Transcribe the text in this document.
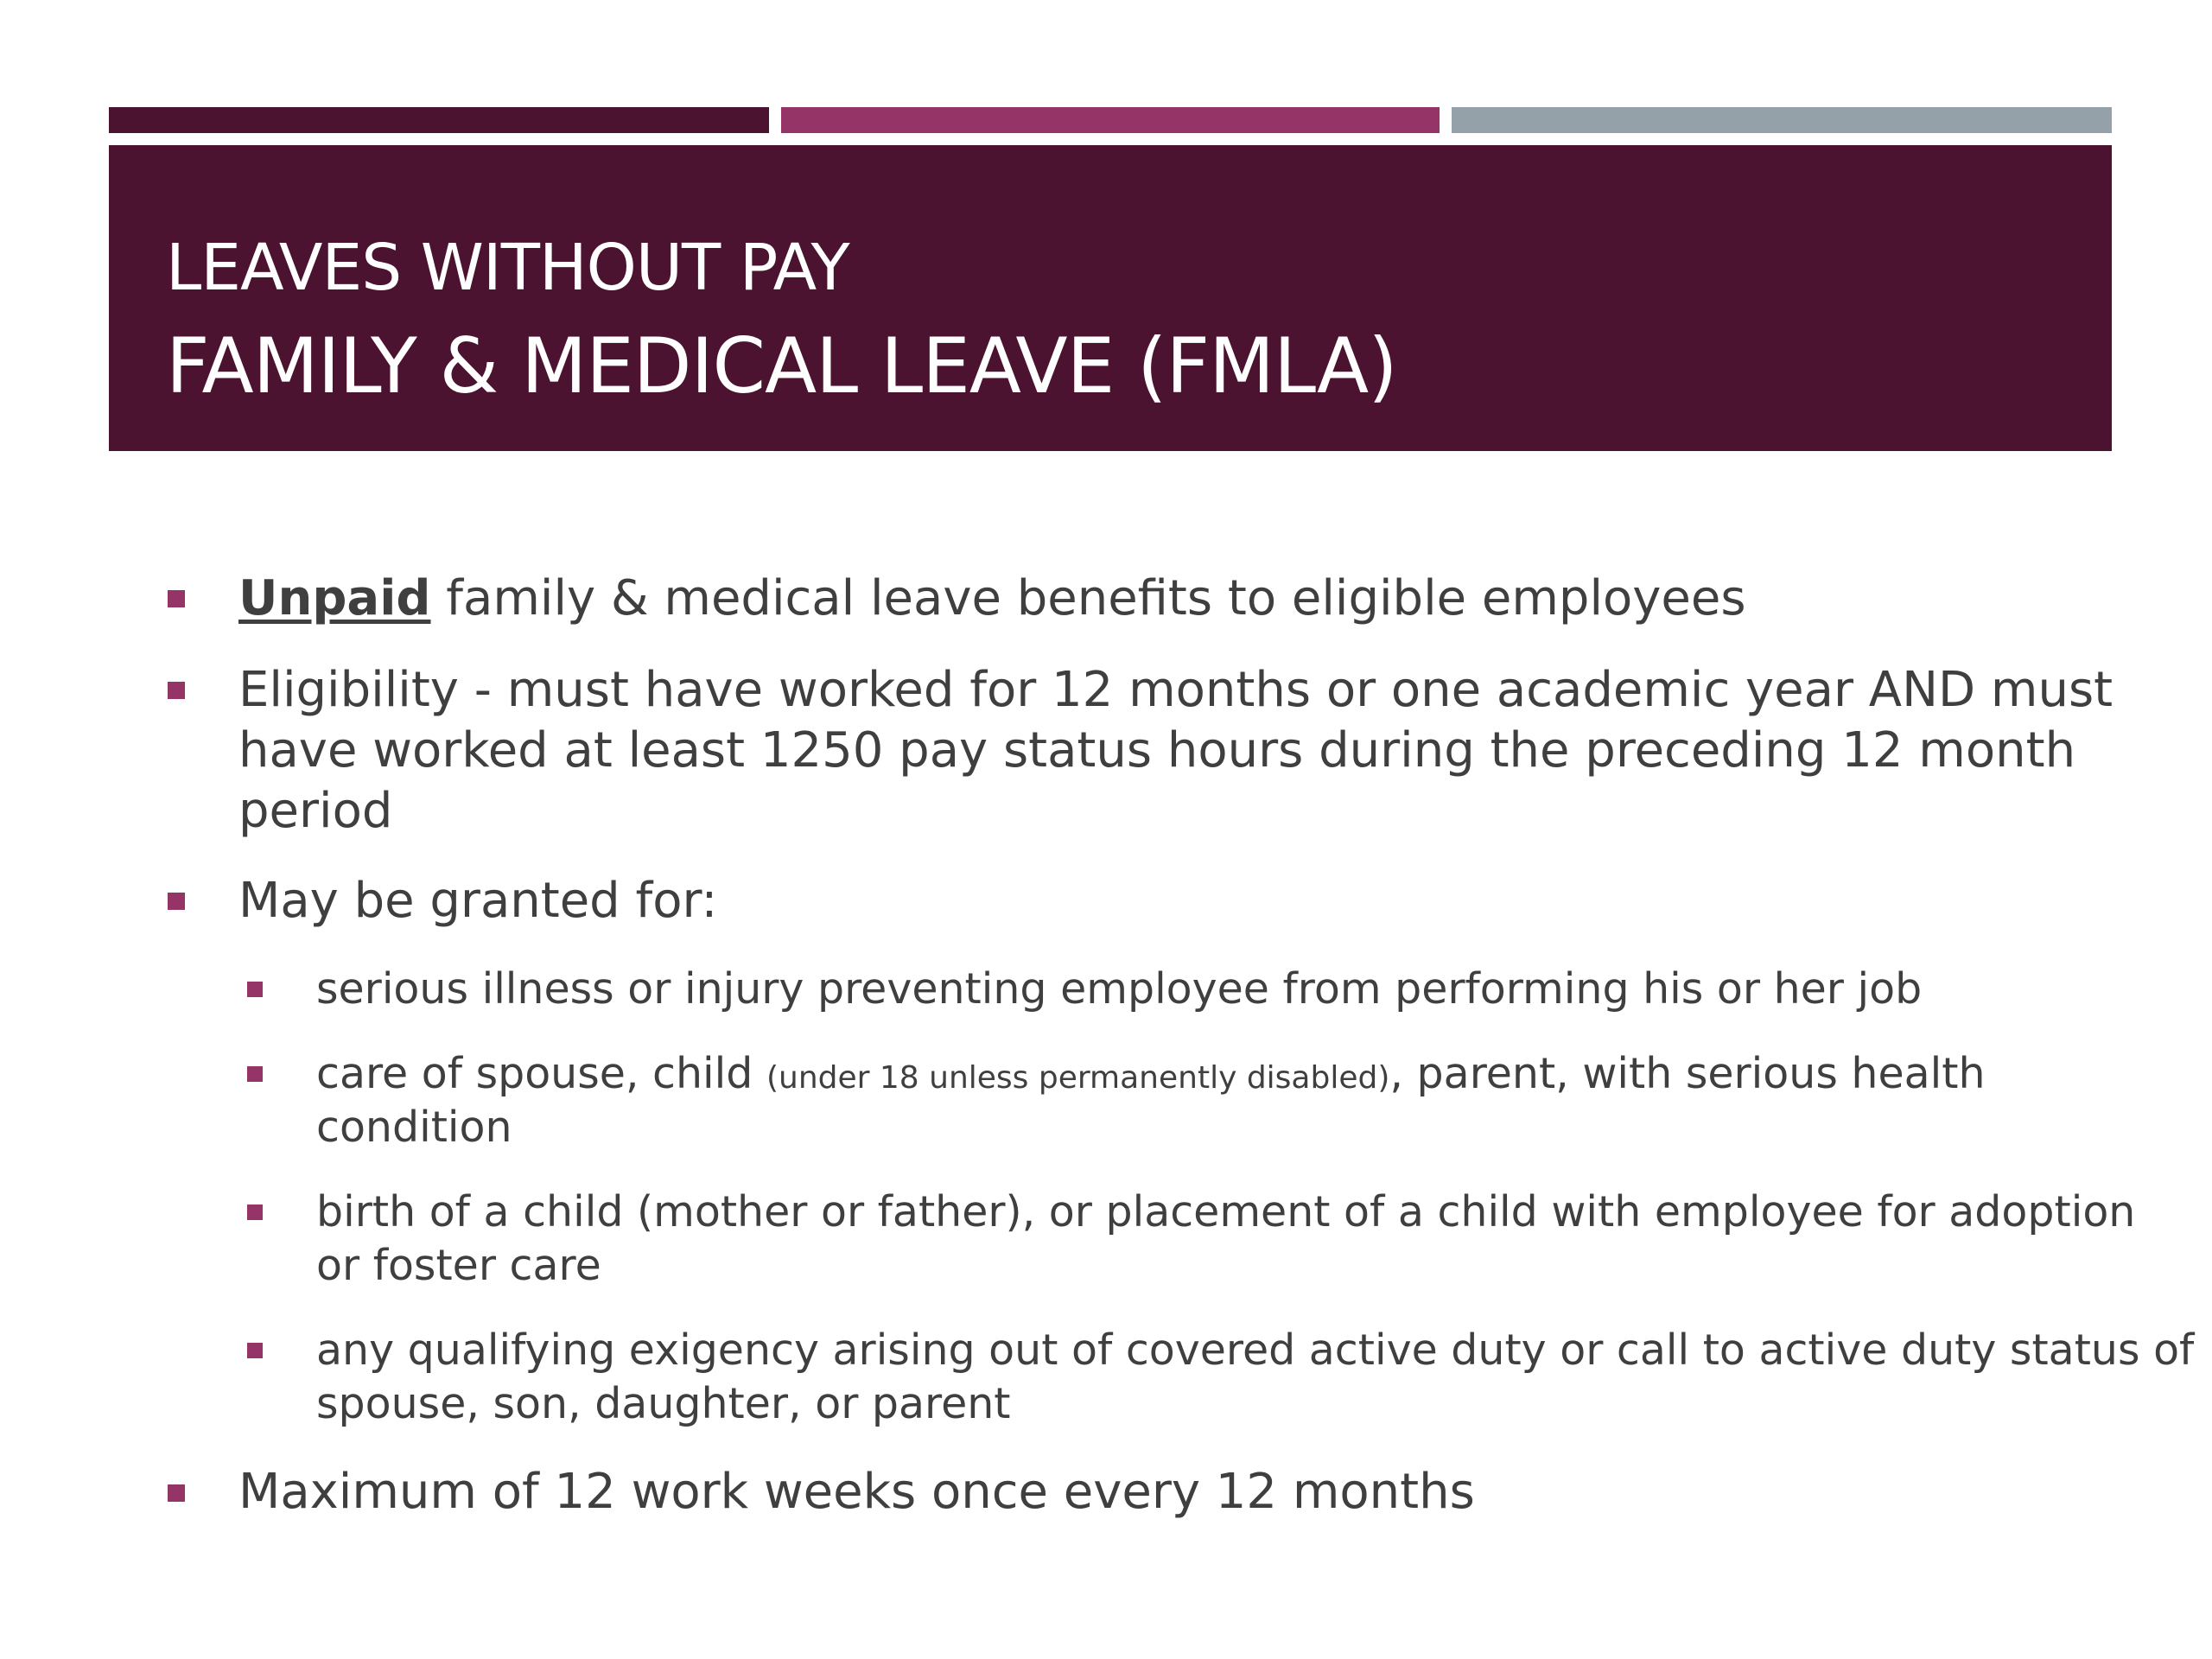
LEAVES WITHOUT PAY
FAMILY & MEDICAL LEAVE (FMLA)
Unpaid family & medical leave benefits to eligible employees
Eligibility - must have worked for 12 months or one academic year AND must
have worked at least 1250 pay status hours during the preceding 12 month
period
May be granted for:
serious illness or injury preventing employee from performing his or her job
care of spouse, child (under 18 unless permanently disabled), parent, with serious health
condition
birth of a child (mother or father), or placement of a child with employee for adoption
or foster care
any qualifying exigency arising out of covered active duty or call to active duty status of
spouse, son, daughter, or parent
Maximum of 12 work weeks once every 12 months
